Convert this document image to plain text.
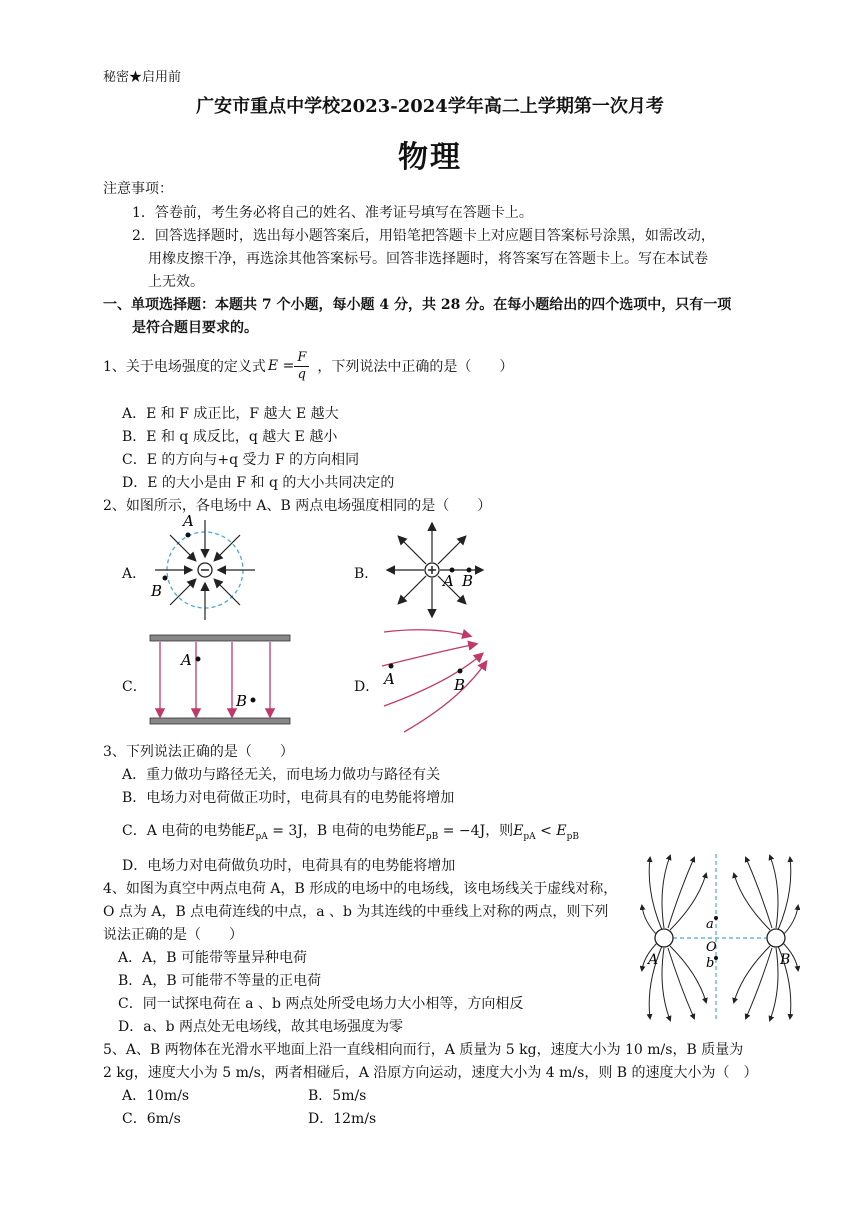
秘密★启用前
广安市重点中学校2023-2024学年高二上学期第一次月考
物理
注意事项：
1．答卷前，考生务必将自己的姓名、准考证号填写在答题卡上。
2．回答选择题时，选出每小题答案后，用铅笔把答题卡上对应题目答案标号涂黑，如需改动，
用橡皮擦干净，再选涂其他答案标号。回答非选择题时，将答案写在答题卡上。写在本试卷
上无效。
一、单项选择题：本题共 7 个小题，每小题 4 分，共 28 分。在每小题给出的四个选项中，只有一项
是符合题目要求的。
1、关于电场强度的定义式 $E = \frac{F}{q}$ ，下列说法中正确的是（　　）
A．E 和 F 成正比，F 越大 E 越大
B．E 和 q 成反比，q 越大 E 越小
C．E 的方向与+q 受力 F 的方向相同
D．E 的大小是由 F 和 q 的大小共同决定的
2、如图所示，各电场中 A、B 两点电场强度相同的是（　　）
A．	B．
C．	D．
A
B
A B
A
B
A	B
3、下列说法正确的是（　　）
A．重力做功与路径无关，而电场力做功与路径有关
B．电场力对电荷做正功时，电荷具有的电势能将增加
C．A 电荷的电势能$E_{pA} = 3J$，B 电荷的电势能$E_{pB} = -4J$，则$E_{pA} < E_{pB}$
D．电场力对电荷做负功时，电荷具有的电势能将增加
4、如图为真空中两点电荷 A，B 形成的电场中的电场线，该电场线关于虚线对称，
O 点为 A，B 点电荷连线的中点，a 、b 为其连线的中垂线上对称的两点，则下列
说法正确的是（　　）
A．A，B 可能带等量异种电荷
B．A，B 可能带不等量的正电荷
C．同一试探电荷在 a 、b 两点处所受电场力大小相等，方向相反
D．a、b 两点处无电场线，故其电场强度为零
a
O
b
A	B
5、A、B 两物体在光滑水平地面上沿一直线相向而行，A 质量为 5 kg，速度大小为 10 m/s，B 质量为
2 kg，速度大小为 5 m/s，两者相碰后，A 沿原方向运动，速度大小为 4 m/s，则 B 的速度大小为（　）
A．10m/s	B．5m/s
C．6m/s	D．12m/s
